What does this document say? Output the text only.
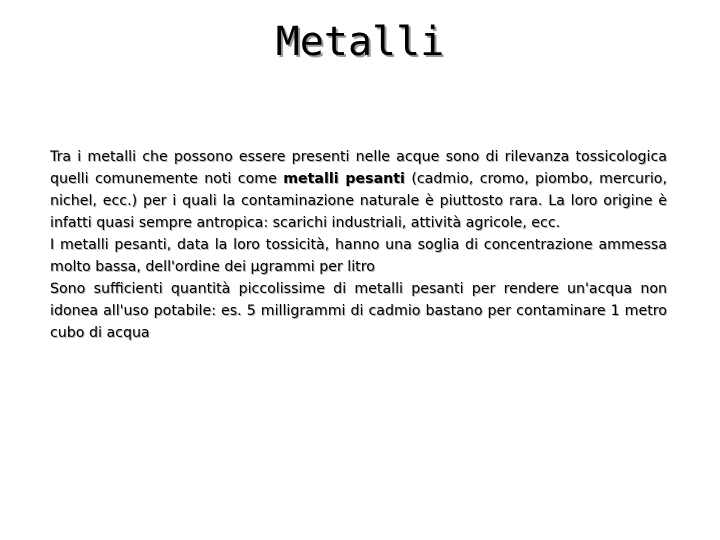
Metalli

Tra i metalli che possono essere presenti nelle acque sono di rilevanza tossicologica quelli comunemente noti come metalli pesanti (cadmio, cromo, piombo, mercurio, nichel, ecc.) per i quali la contaminazione naturale è piuttosto rara. La loro origine è infatti quasi sempre antropica: scarichi industriali, attività agricole, ecc.

I metalli pesanti, data la loro tossicità, hanno una soglia di concentrazione ammessa molto bassa, dell'ordine dei μgrammi per litro

Sono sufficienti quantità piccolissime di metalli pesanti per rendere un'acqua non idonea all'uso potabile: es. 5 milligrammi di cadmio bastano per contaminare 1 metro cubo di acqua
